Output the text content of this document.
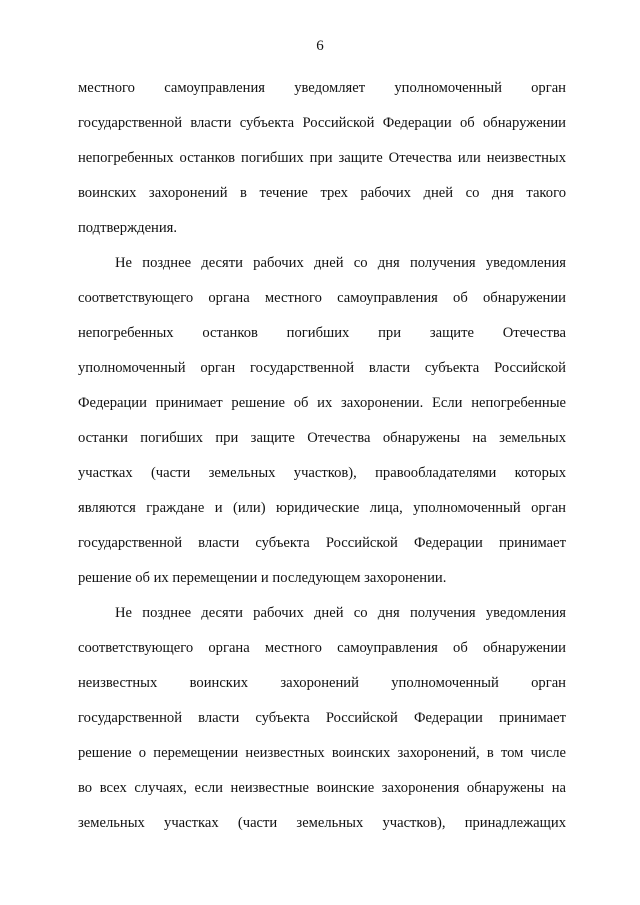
6
местного самоуправления уведомляет уполномоченный орган
государственной власти субъекта Российской Федерации об обнаружении
непогребенных останков погибших при защите Отечества или неизвестных
воинских захоронений в течение трех рабочих дней со дня такого
подтверждения.
Не позднее десяти рабочих дней со дня получения уведомления
соответствующего органа местного самоуправления об обнаружении
непогребенных останков погибших при защите Отечества
уполномоченный орган государственной власти субъекта Российской
Федерации принимает решение об их захоронении. Если непогребенные
останки погибших при защите Отечества обнаружены на земельных
участках (части земельных участков), правообладателями которых
являются граждане и (или) юридические лица, уполномоченный орган
государственной власти субъекта Российской Федерации принимает
решение об их перемещении и последующем захоронении.
Не позднее десяти рабочих дней со дня получения уведомления
соответствующего органа местного самоуправления об обнаружении
неизвестных воинских захоронений уполномоченный орган
государственной власти субъекта Российской Федерации принимает
решение о перемещении неизвестных воинских захоронений, в том числе
во всех случаях, если неизвестные воинские захоронения обнаружены на
земельных участках (части земельных участков), принадлежащих
